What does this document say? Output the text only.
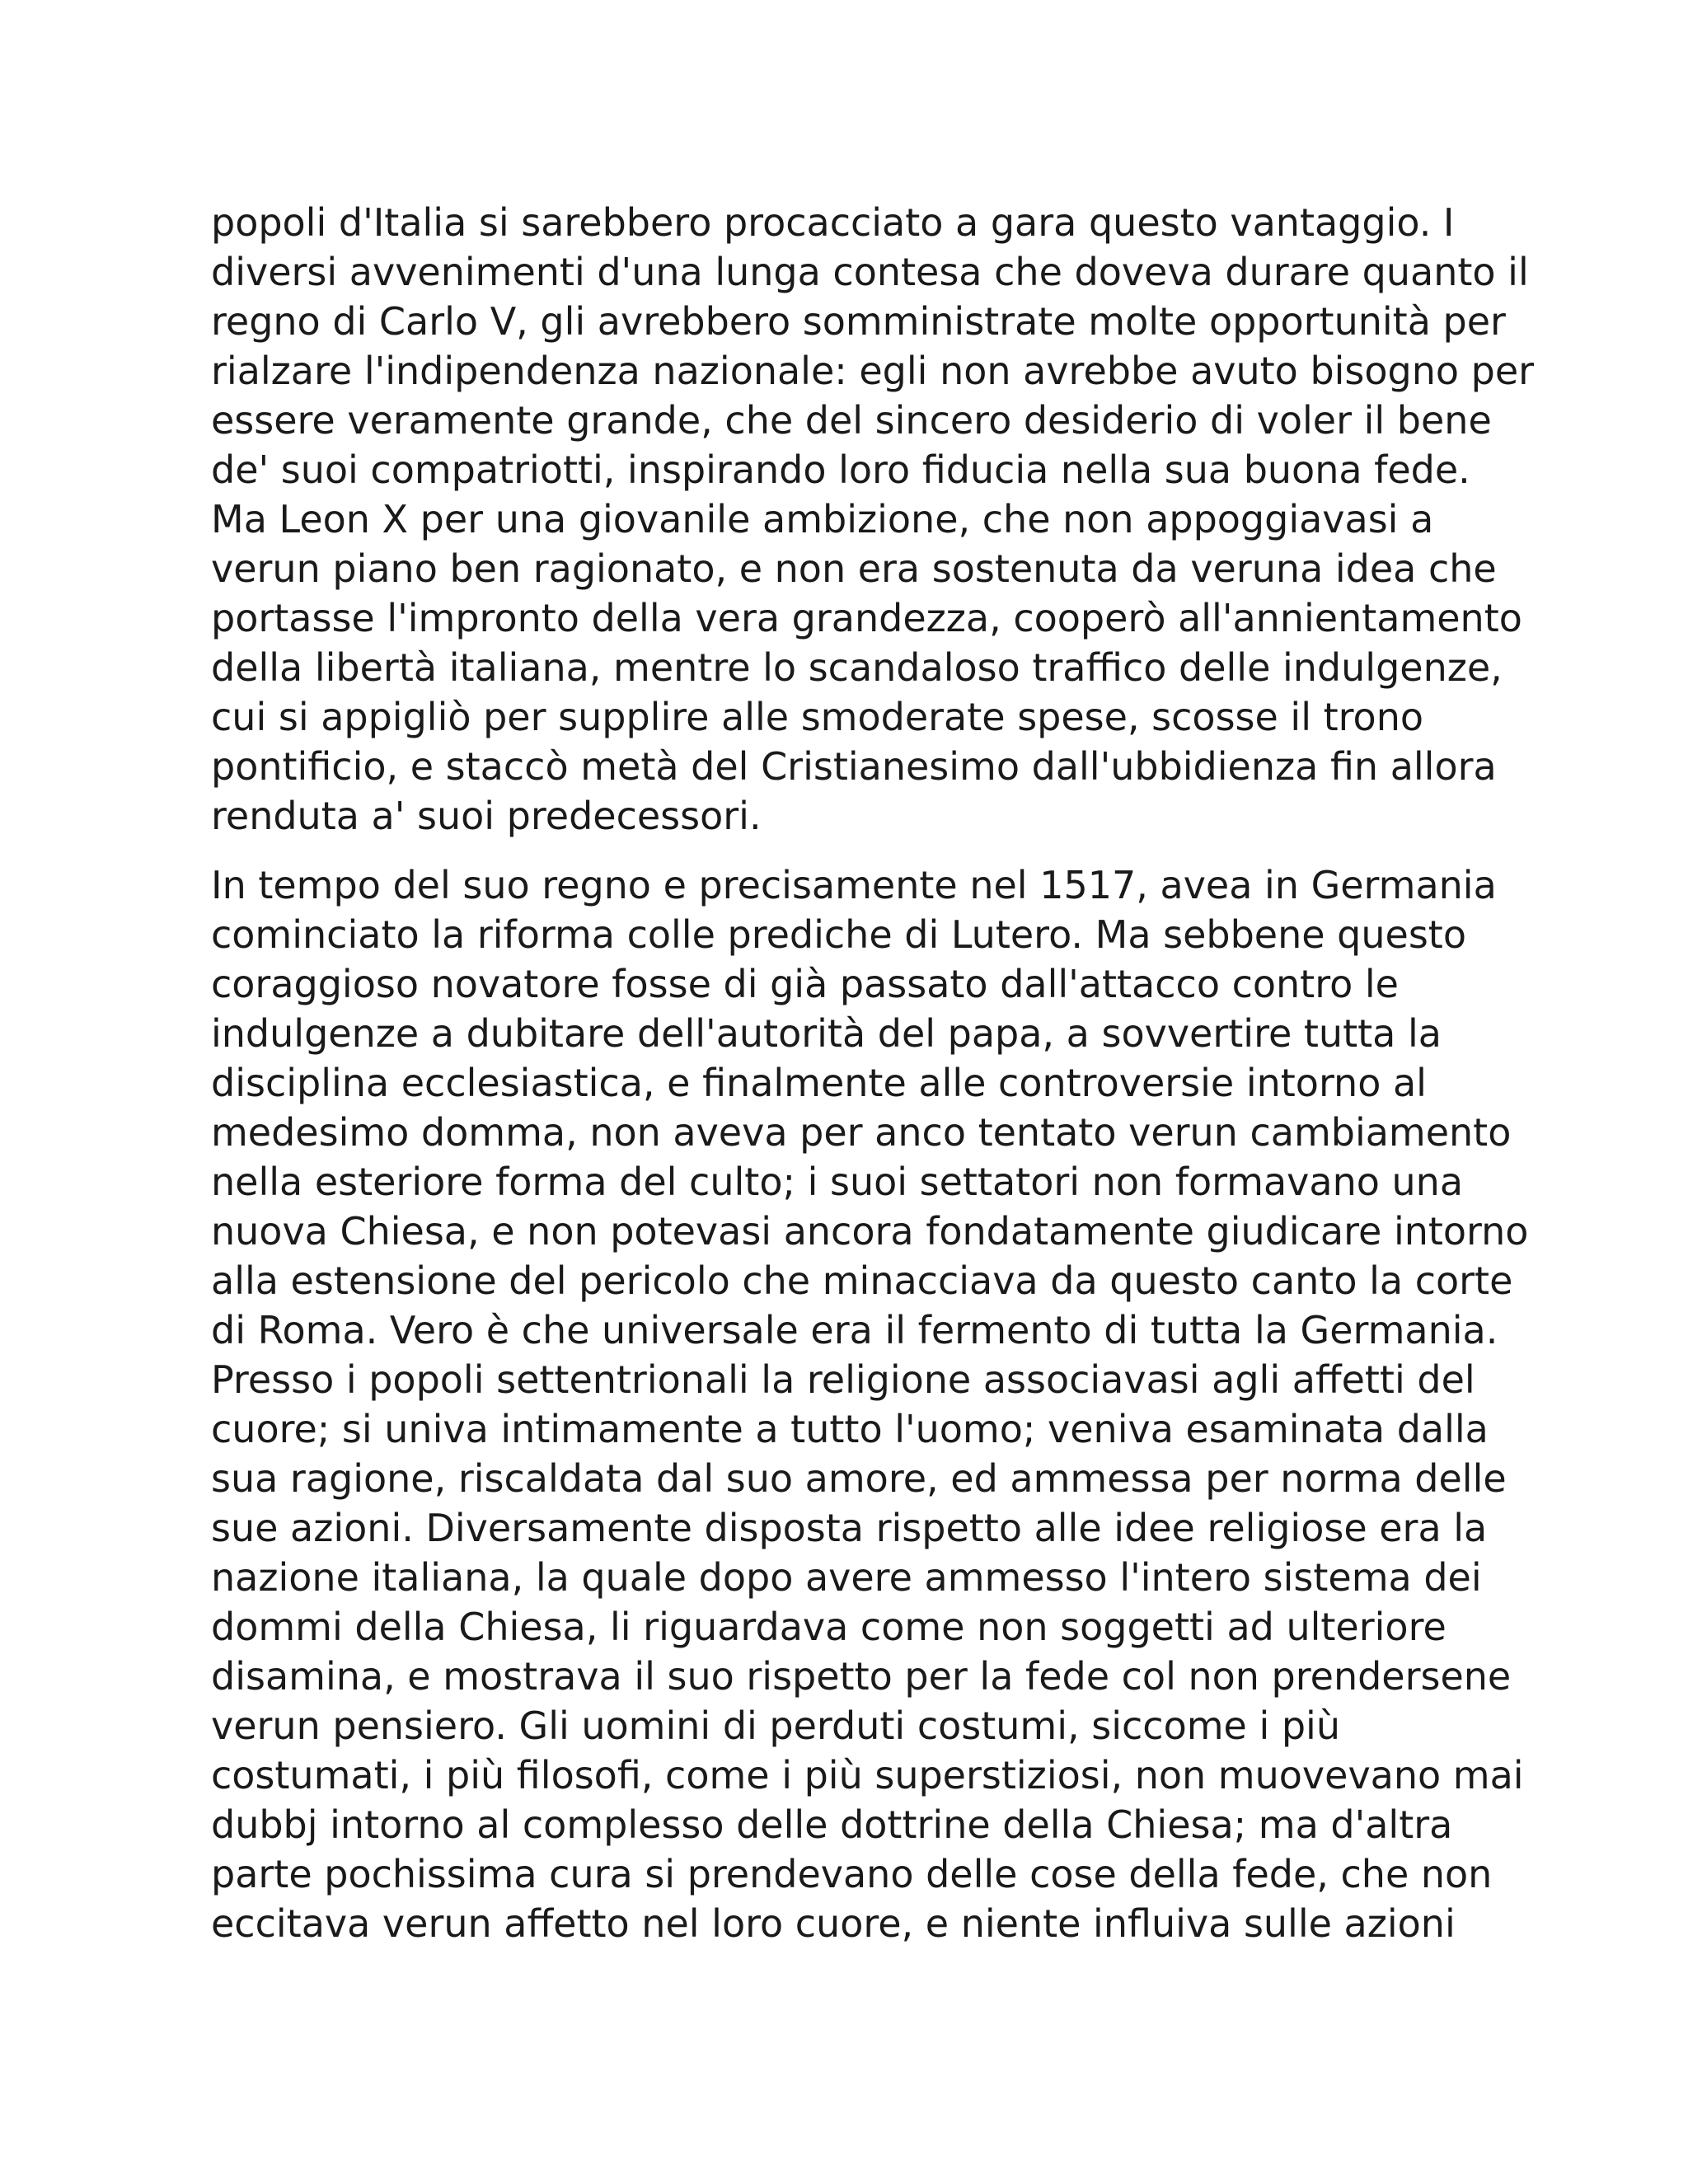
popoli d'Italia si sarebbero procacciato a gara questo vantaggio. I
diversi avvenimenti d'una lunga contesa che doveva durare quanto il
regno di Carlo V, gli avrebbero somministrate molte opportunità per
rialzare l'indipendenza nazionale: egli non avrebbe avuto bisogno per
essere veramente grande, che del sincero desiderio di voler il bene
de' suoi compatriotti, inspirando loro fiducia nella sua buona fede.
Ma Leon X per una giovanile ambizione, che non appoggiavasi a
verun piano ben ragionato, e non era sostenuta da veruna idea che
portasse l'impronto della vera grandezza, cooperò all'annientamento
della libertà italiana, mentre lo scandaloso traffico delle indulgenze,
cui si appigliò per supplire alle smoderate spese, scosse il trono
pontificio, e staccò metà del Cristianesimo dall'ubbidienza fin allora
renduta a' suoi predecessori.

In tempo del suo regno e precisamente nel 1517, avea in Germania
cominciato la riforma colle prediche di Lutero. Ma sebbene questo
coraggioso novatore fosse di già passato dall'attacco contro le
indulgenze a dubitare dell'autorità del papa, a sovvertire tutta la
disciplina ecclesiastica, e finalmente alle controversie intorno al
medesimo domma, non aveva per anco tentato verun cambiamento
nella esteriore forma del culto; i suoi settatori non formavano una
nuova Chiesa, e non potevasi ancora fondatamente giudicare intorno
alla estensione del pericolo che minacciava da questo canto la corte
di Roma. Vero è che universale era il fermento di tutta la Germania.
Presso i popoli settentrionali la religione associavasi agli affetti del
cuore; si univa intimamente a tutto l'uomo; veniva esaminata dalla
sua ragione, riscaldata dal suo amore, ed ammessa per norma delle
sue azioni. Diversamente disposta rispetto alle idee religiose era la
nazione italiana, la quale dopo avere ammesso l'intero sistema dei
dommi della Chiesa, li riguardava come non soggetti ad ulteriore
disamina, e mostrava il suo rispetto per la fede col non prendersene
verun pensiero. Gli uomini di perduti costumi, siccome i più
costumati, i più filosofi, come i più superstiziosi, non muovevano mai
dubbj intorno al complesso delle dottrine della Chiesa; ma d'altra
parte pochissima cura si prendevano delle cose della fede, che non
eccitava verun affetto nel loro cuore, e niente influiva sulle azioni
